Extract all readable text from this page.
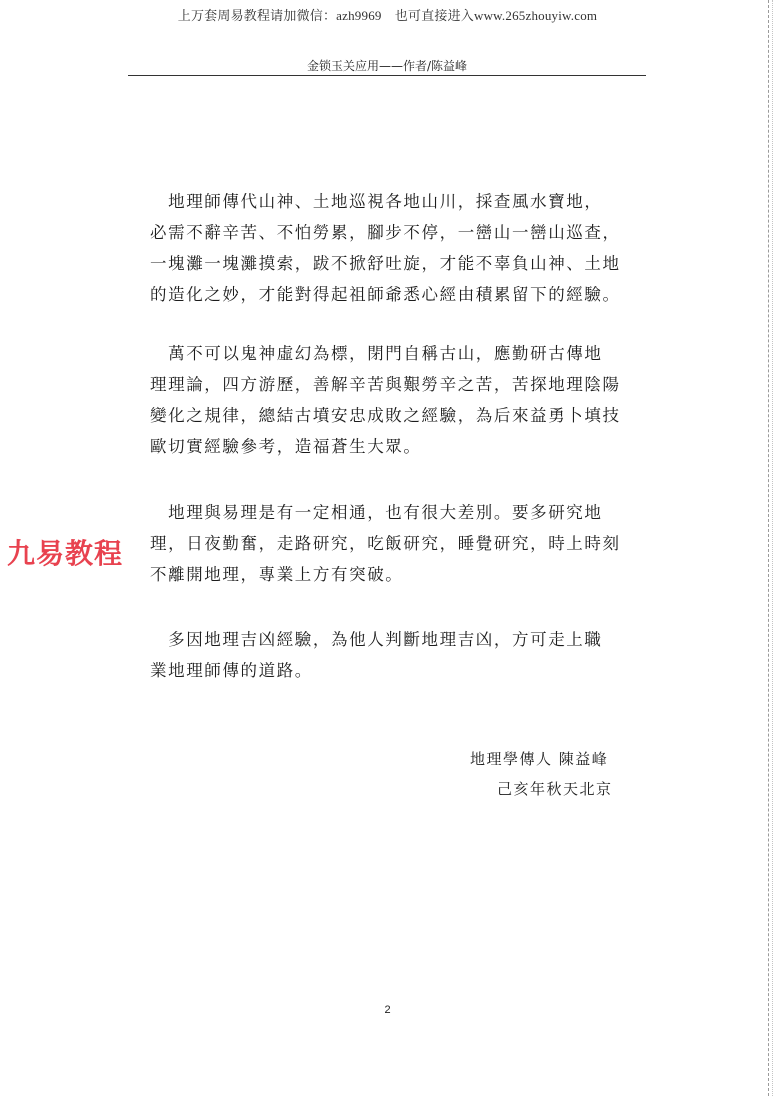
上万套周易教程请加微信：azh9969　也可直接进入www.265zhouyiw.com
金锁玉关应用——作者/陈益峰
九易教程
　地理師傳代山神、土地巡視各地山川，採查風水寶地，
必需不辭辛苦、不怕勞累，腳步不停，一巒山一巒山巡查，
一塊灘一塊灘摸索，跋不掀舒吐旋，才能不辜負山神、土地
的造化之妙，才能對得起祖師爺悉心經由積累留下的經驗。
　萬不可以鬼神虛幻為標，閉門自稱古山，應勤研古傳地
理理論，四方游歷，善解辛苦與艱勞辛之苦，苦探地理陰陽
變化之規律，總結古墳安忠成敗之經驗，為后來益勇卜填技
歐切實經驗參考，造福蒼生大眾。
　地理與易理是有一定相通，也有很大差別。要多研究地
理，日夜勤奮，走路研究，吃飯研究，睡覺研究，時上時刻
不離開地理，專業上方有突破。
　多因地理吉凶經驗，為他人判斷地理吉凶，方可走上職
業地理師傳的道路。
地理學傳人 陳益峰
己亥年秋天北京
2
